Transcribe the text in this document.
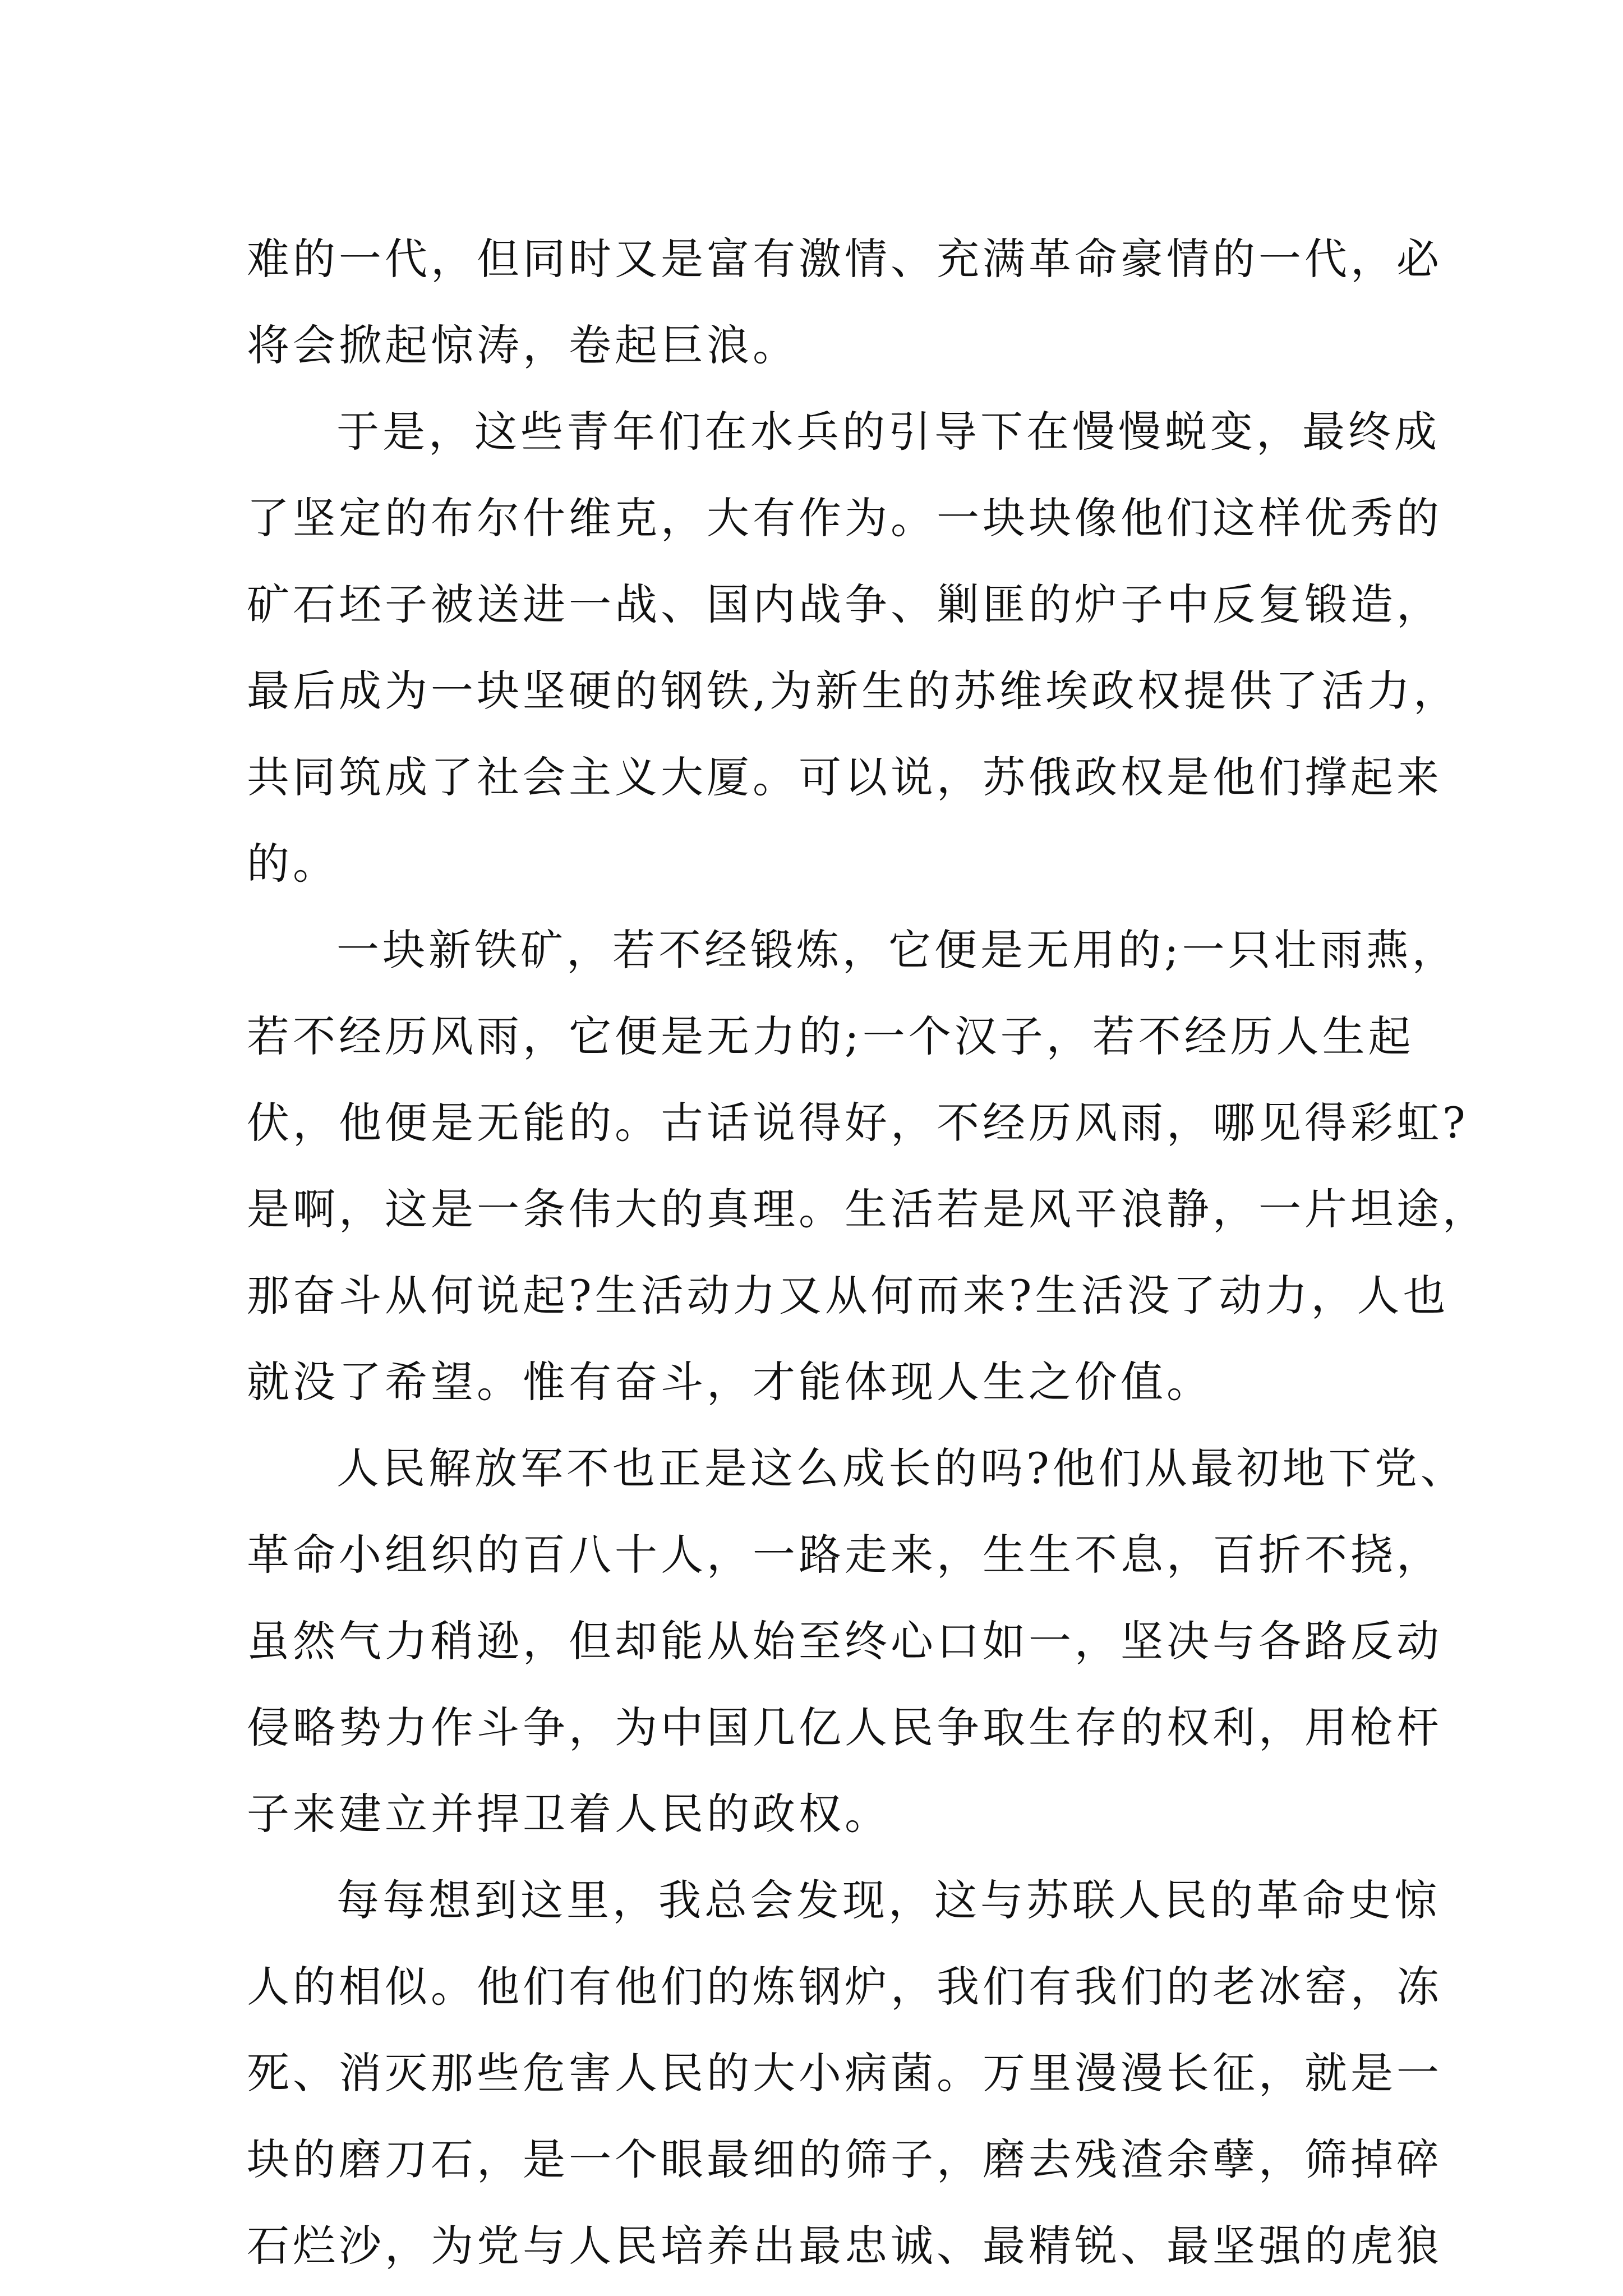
难的一代，但同时又是富有激情、充满革命豪情的一代，必
将会掀起惊涛，卷起巨浪。
于是，这些青年们在水兵的引导下在慢慢蜕变，最终成
了坚定的布尔什维克，大有作为。一块块像他们这样优秀的
矿石坯子被送进一战、国内战争、剿匪的炉子中反复锻造，
最后成为一块坚硬的钢铁,为新生的苏维埃政权提供了活力，
共同筑成了社会主义大厦。可以说，苏俄政权是他们撑起来
的。
一块新铁矿，若不经锻炼，它便是无用的;一只壮雨燕，
若不经历风雨，它便是无力的;一个汉子，若不经历人生起
伏，他便是无能的。古话说得好，不经历风雨，哪见得彩虹?
是啊，这是一条伟大的真理。生活若是风平浪静，一片坦途，
那奋斗从何说起?生活动力又从何而来?生活没了动力，人也
就没了希望。惟有奋斗，才能体现人生之价值。
人民解放军不也正是这么成长的吗?他们从最初地下党、
革命小组织的百八十人，一路走来，生生不息，百折不挠，
虽然气力稍逊，但却能从始至终心口如一，坚决与各路反动
侵略势力作斗争，为中国几亿人民争取生存的权利，用枪杆
子来建立并捍卫着人民的政权。
每每想到这里，我总会发现，这与苏联人民的革命史惊
人的相似。他们有他们的炼钢炉，我们有我们的老冰窑，冻
死、消灭那些危害人民的大小病菌。万里漫漫长征，就是一
块的磨刀石，是一个眼最细的筛子，磨去残渣余孽，筛掉碎
石烂沙，为党与人民培养出最忠诚、最精锐、最坚强的虎狼
